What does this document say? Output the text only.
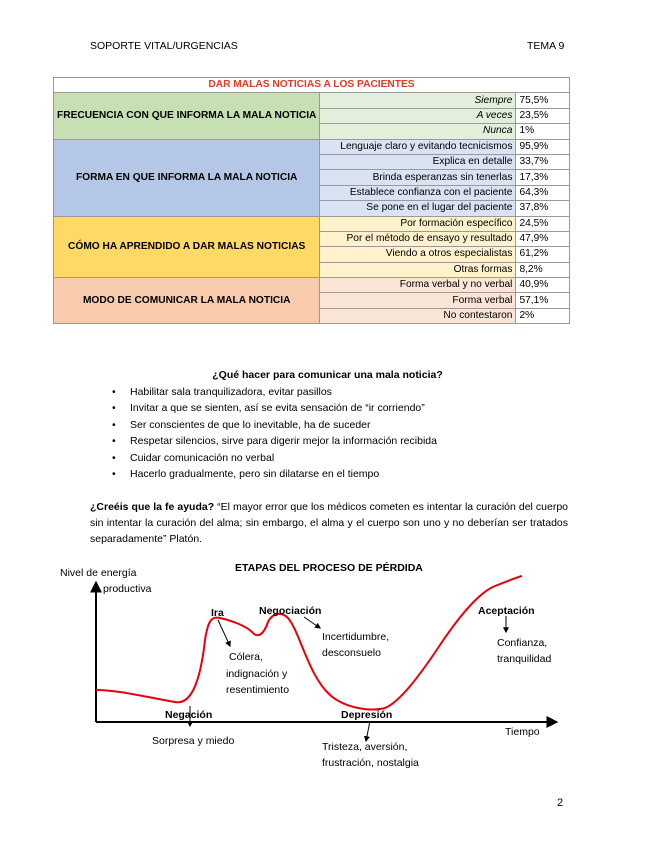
SOPORTE VITAL/URGENCIAS	TEMA 9
DAR MALAS NOTICIAS A LOS PACIENTES		
FRECUENCIA CON QUE INFORMA LA MALA NOTICIA	Siempre	75,5%
	A veces	23,5%
	Nunca	1%
FORMA EN QUE INFORMA LA MALA NOTICIA	Lenguaje claro y evitando tecnicismos	95,9%
	Explica en detalle	33,7%
	Brinda esperanzas sin tenerlas	17,3%
	Establece confianza con el paciente	64,3%
	Se pone en el lugar del paciente	37,8%
CÓMO HA APRENDIDO A DAR MALAS NOTICIAS	Por formación específico	24,5%
	Por el método de ensayo y resultado	47,9%
	Viendo a otros especialistas	61,2%
	Otras formas	8,2%
MODO DE COMUNICAR LA MALA NOTICIA	Forma verbal y no verbal	40,9%
	Forma verbal	57,1%
	No contestaron	2%
¿Qué hacer para comunicar una mala noticia?
• Habilitar sala tranquilizadora, evitar pasillos
• Invitar a que se sienten, así se evita sensación de “ir corriendo”
• Ser conscientes de que lo inevitable, ha de suceder
• Respetar silencios, sirve para digerir mejor la información recibida
• Cuidar comunicación no verbal
• Hacerlo gradualmente, pero sin dilatarse en el tiempo
¿Creéis que la fe ayuda? “El mayor error que los médicos cometen es intentar la curación del cuerpo sin intentar la curación del alma; sin embargo, el alma y el cuerpo son uno y no deberían ser tratados separadamente” Platón.
Nivel de energía
productiva
ETAPAS DEL PROCESO DE PÉRDIDA
Tiempo
Negación
Sorpresa y miedo
Ira
Cólera,
indignación y
resentimiento
Negociación
Incertidumbre,
desconsuelo
Depresión
Tristeza, aversión,
frustración, nostalgia
Aceptación
Confianza,
tranquilidad
2
